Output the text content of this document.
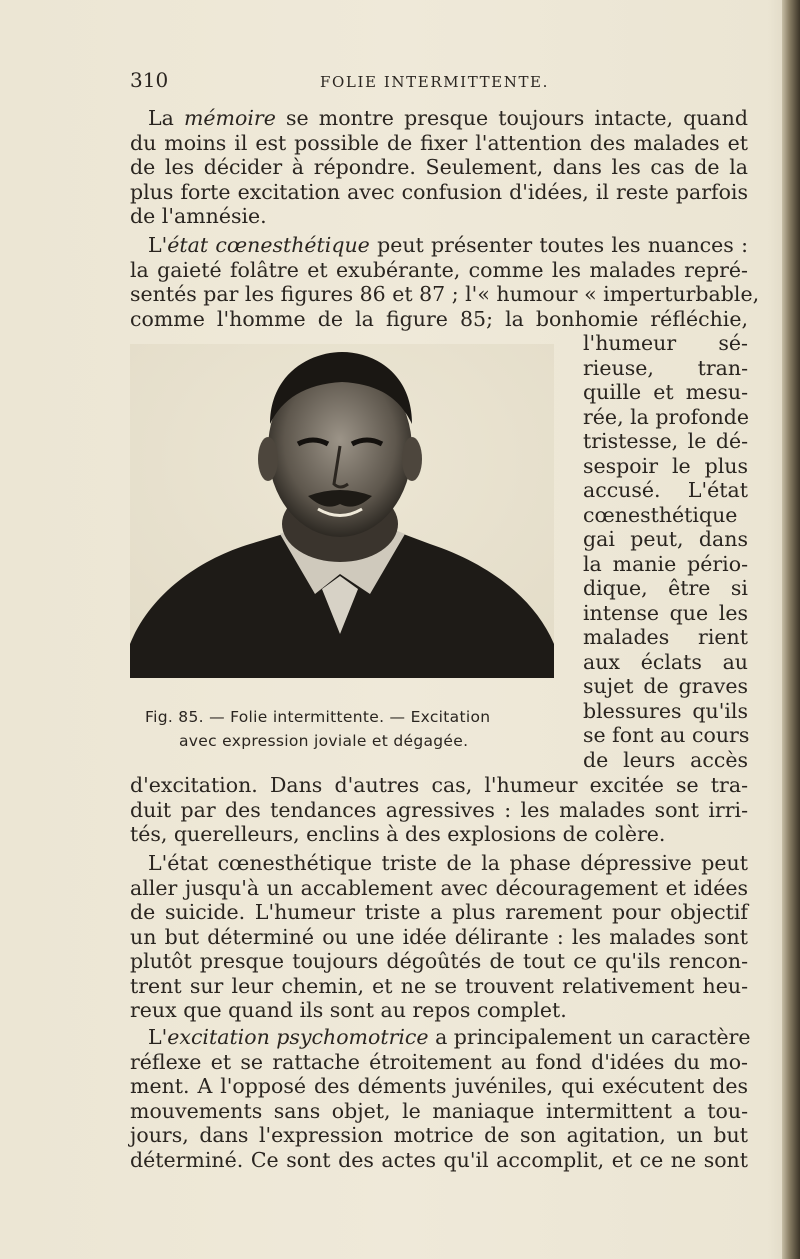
310	FOLIE INTERMITTENTE.
La mémoire se montre presque toujours intacte, quand
du moins il est possible de fixer l'attention des malades et
de les décider à répondre. Seulement, dans les cas de la
plus forte excitation avec confusion d'idées, il reste parfois
de l'amnésie.
L'état cœnesthétique peut présenter toutes les nuances :
la gaieté folâtre et exubérante, comme les malades repré-
sentés par les figures 86 et 87 ; l'« humour « imperturbable,
comme l'homme de la figure 85; la bonhomie réfléchie,
l'humeur sé-
rieuse, tran-
quille et mesu-
rée, la profonde
tristesse, le dé-
sespoir le plus
accusé. L'état
cœnesthétique
gai peut, dans
la manie pério-
dique, être si
intense que les
malades rient
aux éclats au
sujet de graves
blessures qu'ils
se font au cours
de leurs accès
Fig. 85. — Folie intermittente. — Excitation
avec expression joviale et dégagée.
d'excitation. Dans d'autres cas, l'humeur excitée se tra-
duit par des tendances agressives : les malades sont irri-
tés, querelleurs, enclins à des explosions de colère.
L'état cœnesthétique triste de la phase dépressive peut
aller jusqu'à un accablement avec découragement et idées
de suicide. L'humeur triste a plus rarement pour objectif
un but déterminé ou une idée délirante : les malades sont
plutôt presque toujours dégoûtés de tout ce qu'ils rencon-
trent sur leur chemin, et ne se trouvent relativement heu-
reux que quand ils sont au repos complet.
L'excitation psychomotrice a principalement un caractère
réflexe et se rattache étroitement au fond d'idées du mo-
ment. A l'opposé des déments juvéniles, qui exécutent des
mouvements sans objet, le maniaque intermittent a tou-
jours, dans l'expression motrice de son agitation, un but
déterminé. Ce sont des actes qu'il accomplit, et ce ne sont
